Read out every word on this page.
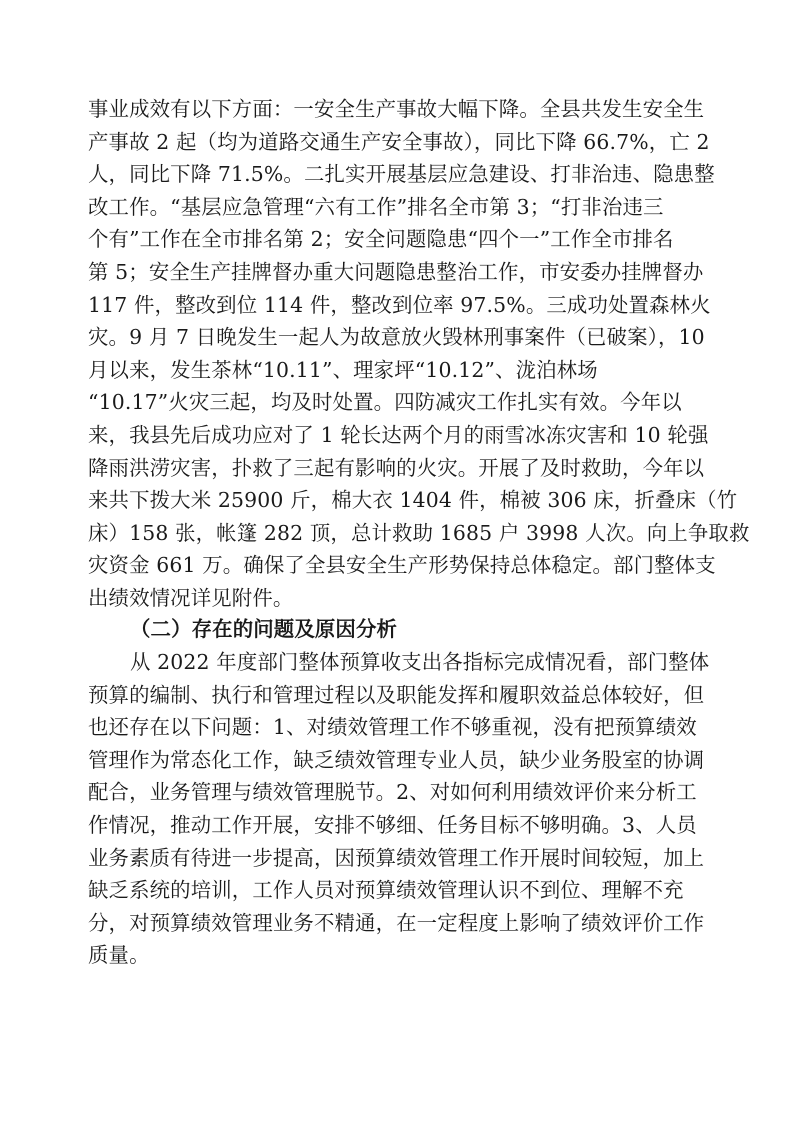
事业成效有以下方面：一安全生产事故大幅下降。全县共发生安全生
产事故 2 起（均为道路交通生产安全事故），同比下降 66.7%，亡 2
人，同比下降 71.5%。二扎实开展基层应急建设、打非治违、隐患整
改工作。“基层应急管理“六有工作”排名全市第 3；“打非治违三
个有”工作在全市排名第 2；安全问题隐患“四个一”工作全市排名
第 5；安全生产挂牌督办重大问题隐患整治工作，市安委办挂牌督办
117 件，整改到位 114 件，整改到位率 97.5%。三成功处置森林火
灾。9 月 7 日晚发生一起人为故意放火毁林刑事案件（已破案），10
月以来，发生茶林“10.11”、理家坪“10.12”、泷泊林场
“10.17”火灾三起，均及时处置。四防减灾工作扎实有效。今年以
来，我县先后成功应对了 1 轮长达两个月的雨雪冰冻灾害和 10 轮强
降雨洪涝灾害，扑救了三起有影响的火灾。开展了及时救助，今年以
来共下拨大米 25900 斤，棉大衣 1404 件，棉被 306 床，折叠床（竹
床）158 张，帐篷 282 顶，总计救助 1685 户 3998 人次。向上争取救
灾资金 661 万。确保了全县安全生产形势保持总体稳定。部门整体支
出绩效情况详见附件。
（二）存在的问题及原因分析
从 2022 年度部门整体预算收支出各指标完成情况看，部门整体
预算的编制、执行和管理过程以及职能发挥和履职效益总体较好，但
也还存在以下问题：1、对绩效管理工作不够重视，没有把预算绩效
管理作为常态化工作，缺乏绩效管理专业人员，缺少业务股室的协调
配合，业务管理与绩效管理脱节。2、对如何利用绩效评价来分析工
作情况，推动工作开展，安排不够细、任务目标不够明确。3、人员
业务素质有待进一步提高，因预算绩效管理工作开展时间较短，加上
缺乏系统的培训，工作人员对预算绩效管理认识不到位、理解不充
分，对预算绩效管理业务不精通，在一定程度上影响了绩效评价工作
质量。
